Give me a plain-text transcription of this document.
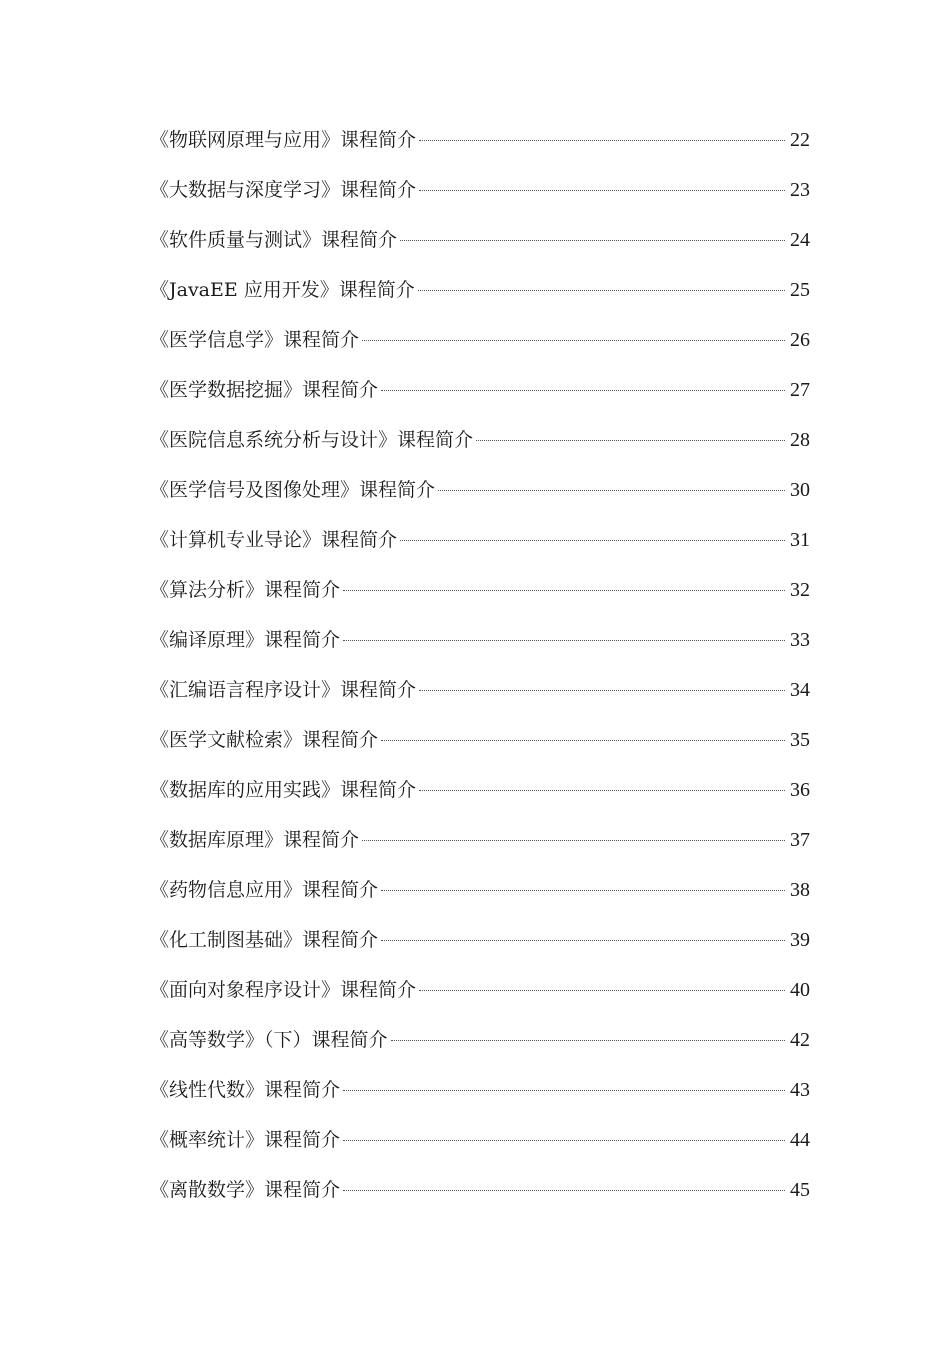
《物联网原理与应用》课程简介	22
《大数据与深度学习》课程简介	23
《软件质量与测试》课程简介	24
《JavaEE 应用开发》课程简介	25
《医学信息学》课程简介	26
《医学数据挖掘》课程简介	27
《医院信息系统分析与设计》课程简介	28
《医学信号及图像处理》课程简介	30
《计算机专业导论》课程简介	31
《算法分析》课程简介	32
《编译原理》课程简介	33
《汇编语言程序设计》课程简介	34
《医学文献检索》课程简介	35
《数据库的应用实践》课程简介	36
《数据库原理》课程简介	37
《药物信息应用》课程简介	38
《化工制图基础》课程简介	39
《面向对象程序设计》课程简介	40
《高等数学》（下）课程简介	42
《线性代数》课程简介	43
《概率统计》课程简介	44
《离散数学》课程简介	45
